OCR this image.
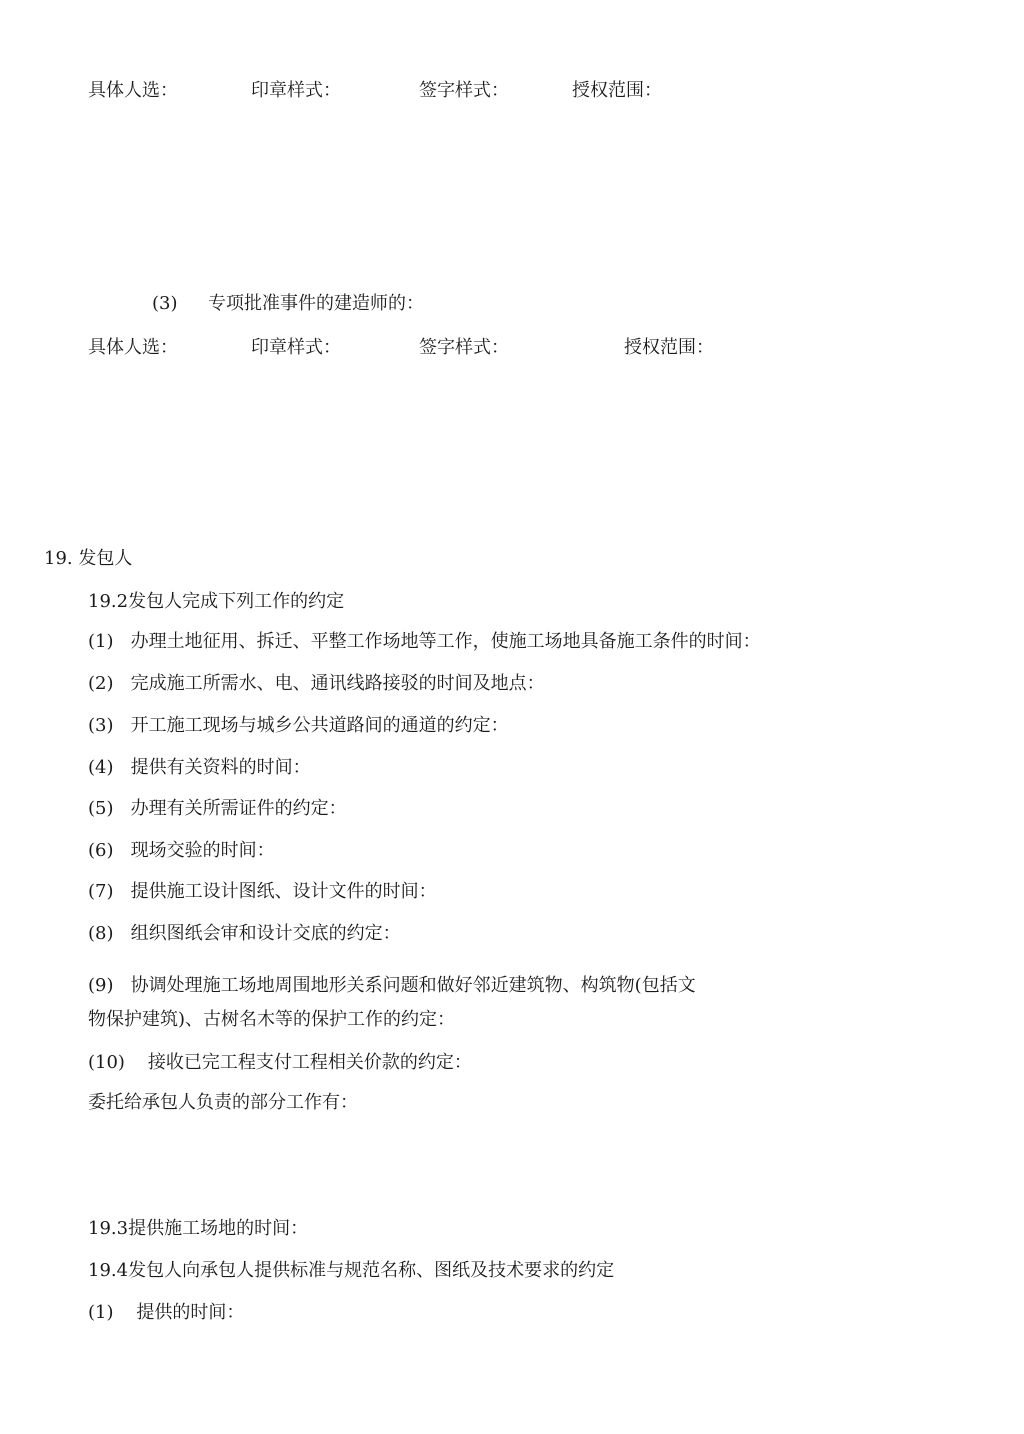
具体人选：	印章样式：	签字样式：	授权范围：
(3) 专项批准事件的建造师的：
具体人选：	印章样式：	签字样式：	授权范围：
19. 发包人
19.2发包人完成下列工作的约定
(1) 办理土地征用、拆迁、平整工作场地等工作，使施工场地具备施工条件的时间：
(2) 完成施工所需水、电、通讯线路接驳的时间及地点：
(3) 开工施工现场与城乡公共道路间的通道的约定：
(4) 提供有关资料的时间：
(5) 办理有关所需证件的约定：
(6) 现场交验的时间：
(7) 提供施工设计图纸、设计文件的时间：
(8) 组织图纸会审和设计交底的约定：
(9) 协调处理施工场地周围地形关系问题和做好邻近建筑物、构筑物(包括文
物保护建筑)、古树名木等的保护工作的约定：
(10) 接收已完工程支付工程相关价款的约定：
委托给承包人负责的部分工作有：
19.3提供施工场地的时间：
19.4发包人向承包人提供标准与规范名称、图纸及技术要求的约定
(1) 提供的时间：
